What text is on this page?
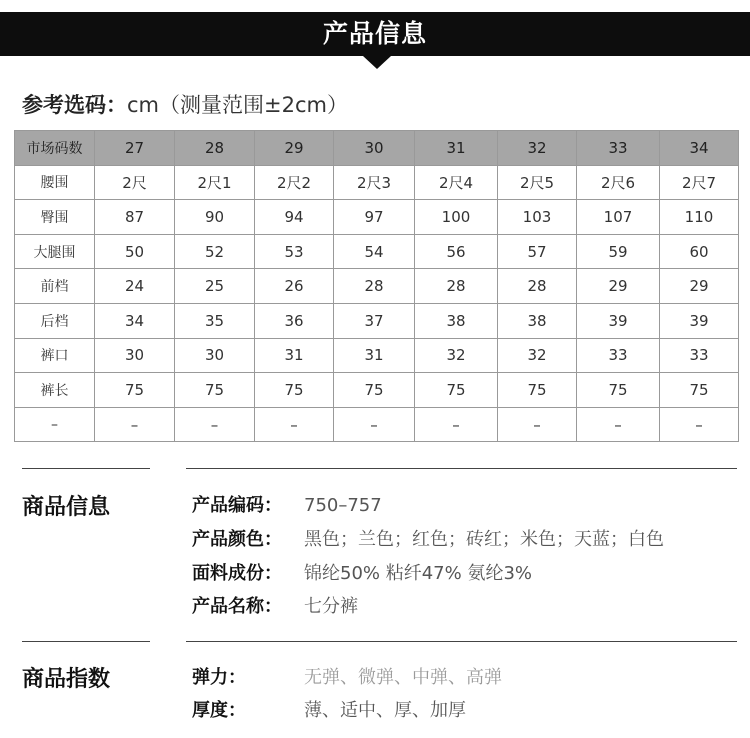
产品信息
参考选码：cm（测量范围±2cm）
市场码数	27	28	29	30	31	32	33	34
腰围	2尺	2尺1	2尺2	2尺3	2尺4	2尺5	2尺6	2尺7
臀围	87	90	94	97	100	103	107	110
大腿围	50	52	53	54	56	57	59	60
前档	24	25	26	28	28	28	29	29
后档	34	35	36	37	38	38	39	39
裤口	30	30	31	31	32	32	33	33
裤长	75	75	75	75	75	75	75	75
–	–	–	–	–	–	–	–	–
商品信息	产品编码： 750–757
产品颜色： 黑色；兰色；红色；砖红；米色；天蓝；白色
面料成份： 锦纶50% 粘纤47% 氨纶3%
产品名称： 七分裤
商品指数	弹力：	无弹、微弹、中弹、高弹
厚度：	薄、适中、厚、加厚
